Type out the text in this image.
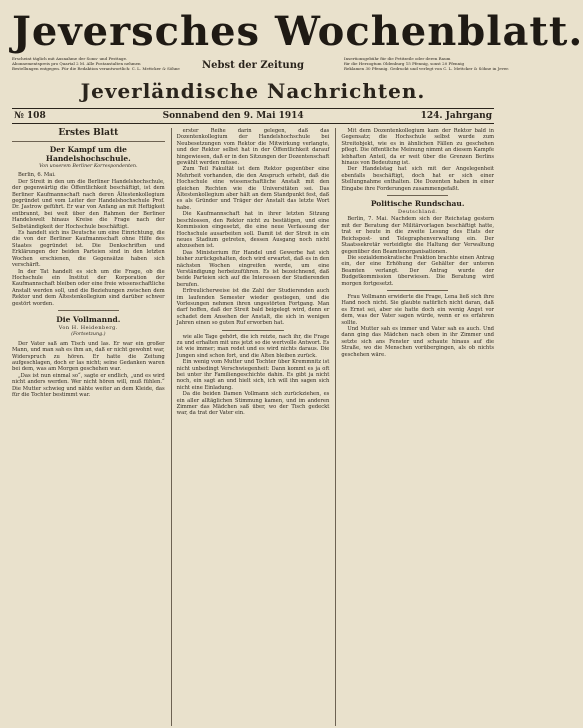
Jeversches Wochenblatt.
Erscheint täglich mit Ausnahme der Sonn- und Festtage.
Abonnementspreis pro Quartal 2 M. Alle Postanstalten nehmen
Bestellungen entgegen. Für die Redaktion verantwortlich: C. L. Mettcker & Söhne	Nebst der Zeitung
Insertionsgebühr für die Petitzeile oder deren Raum
für die Herzogtum Oldenburg 15 Pfennig, sonst 20 Pfennig
Reklamen 30 Pfennig. Gedruckt und verlegt von C. L. Mettcker & Söhne in Jever.
Jeverländische Nachrichten.
№ 108	Sonnabend den 9. Mai 1914	124. Jahrgang
Erstes Blatt
Der Kampf um die Handelshochschule.
Von unserem Berliner Korrespondenten.

Berlin, 6. Mai.

Der Streit in den um die Berliner Handelshochschule, der gegenwärtig die Öffentlichkeit beschäftigt, ist dem Berliner Kaufmannschaft nach deren Ältestenkollegium gegründet und vom Leiter der Handelshochschule Prof. Dr. Jastrow geführt. Er war von Anfang an mit Heftigkeit entbrannt, bei weit über den Rahmen der Berliner Handelswelt hinaus Kreise die Frage nach der Selbständigkeit der Hochschule beschäftigt.

Es handelt sich ins Deutsche um eine Einrichtung, die die von der Berliner Kaufmannschaft ohne Hilfe des Staates gegründet ist. Die Denkschriften und Erklärungen der beiden Parteien sind in den letzten Wochen erschienen, die Gegensätze haben sich verschärft.

In der Tat handelt es sich um die Frage, ob die Hochschule ein Institut der Korporation der Kaufmannschaft bleiben oder eine freie wissenschaftliche Anstalt werden soll, und die Beziehungen zwischen dem Rektor und dem Ältestenkollegium sind darüber schwer gestört worden.

Die Vollmannd.
Von H. Heidenberg.
(Fortsetzung.)

Der Vater saß am Tisch und las. Er war ein großer Mann, und man sah es ihm an, daß er nicht gewohnt war, Widerspruch zu hören. Er hatte die Zeitung aufgeschlagen, doch er las nicht; seine Gedanken waren bei dem, was am Morgen geschehen war.

„Das ist nun einmal so“, sagte er endlich, „und es wird nicht anders werden. Wer nicht hören will, muß fühlen.“ Die Mutter schwieg und nähte weiter an dem Kleide, das für die Tochter bestimmt war.

erster Reihe darin gelegen, daß das Dozentenkollegium der Handelshochschule bei Neubesetzungen vom Rektor die Mitwirkung verlangte, und der Rektor selbst hat in der Öffentlichkeit darauf hingewiesen, daß er in den Sitzungen der Dozentenschaft gewählt werden müsse.

Zum Teil Fakultät ist dem Rektor gegenüber eine Mehrheit vorhanden, die den Anspruch erhebt, daß die Hochschule eine wissenschaftliche Anstalt mit den gleichen Rechten wie die Universitäten sei. Das Ältestenkollegium aber hält an dem Standpunkt fest, daß es als Gründer und Träger der Anstalt das letzte Wort habe.

Die Kaufmannschaft hat in ihrer letzten Sitzung beschlossen, den Rektor nicht zu bestätigen, und eine Kommission eingesetzt, die eine neue Verfassung der Hochschule ausarbeiten soll. Damit ist der Streit in ein neues Stadium getreten, dessen Ausgang noch nicht abzusehen ist.

Das Ministerium für Handel und Gewerbe hat sich bisher zurückgehalten, doch wird erwartet, daß es in den nächsten Wochen eingreifen werde, um eine Verständigung herbeizuführen. Es ist bezeichnend, daß beide Parteien sich auf die Interessen der Studierenden berufen.

Erfreulicherweise ist die Zahl der Studierenden auch im laufenden Semester wieder gestiegen, und die Vorlesungen nehmen ihren ungestörten Fortgang. Man darf hoffen, daß der Streit bald beigelegt wird, denn er schadet dem Ansehen der Anstalt, die sich in wenigen Jahren einen so guten Ruf erworben hat.

wie alle Tage gehört, die ich reizte, nach ihr, die Frage zu und erhalten mit uns jetzt so die wertvolle Antwort. Es ist wie immer; man redet und es wird nichts daraus. Die Jungen sind schon fort, und die Alten bleiben zurück.

Ein wenig vom Mutter und Tochter über Kremmnitz ist nicht unbedingt Verschwiegenheit: Dann kommt es ja oft bei unter ihr Familiengeschichte dahin. Es gibt ja nicht noch, ein sagt an und hielt sich, ich will ihn sagen sich nicht eine Einladung.

Da die beiden Damen Vollmann sich zurückziehen, es ein aller alltäglichen Stimmung kamen, und im anderen Zimmer das Mädchen saß über, wo der Tisch gedeckt war, da trat der Vater ein.

Mit dem Dozentenkollegium kam der Rektor bald in Gegensatz; die Hochschule selbst wurde zum Streitobjekt, wie es in ähnlichen Fällen zu geschehen pflegt. Die öffentliche Meinung nimmt an diesem Kampfe lebhaften Anteil, da er weit über die Grenzen Berlins hinaus von Bedeutung ist.

Der Handelstag hat sich mit der Angelegenheit ebenfalls beschäftigt, doch hat er sich einer Stellungnahme enthalten. Die Dozenten haben in einer Eingabe ihre Forderungen zusammengefaßt.

Politische Rundschau.
Deutschland.

Berlin, 7. Mai. Nachdem sich der Reichstag gestern mit der Beratung der Militärvorlagen beschäftigt hatte, trat er heute in die zweite Lesung des Etats der Reichspost- und Telegraphenverwaltung ein. Der Staatssekretär verteidigte die Haltung der Verwaltung gegenüber den Beamtenorganisationen.

Die sozialdemokratische Fraktion brachte einen Antrag ein, der eine Erhöhung der Gehälter der unteren Beamten verlangt. Der Antrag wurde der Budgetkommission überwiesen. Die Beratung wird morgen fortgesetzt.

Frau Vollmann erwiderte die Frage, Lena ließ sich ihre Hand noch nicht. Sie glaubte natürlich nicht daran, daß es Ernst sei, aber sie hatte doch ein wenig Angst vor dem, was der Vater sagen würde, wenn er es erfahren sollte.

Und Mutter sah es immer und Vater sah es auch. Und dann ging das Mädchen nach oben in ihr Zimmer und setzte sich ans Fenster und schaute hinaus auf die Straße, wo die Menschen vorübergingen, als ob nichts geschehen wäre.
